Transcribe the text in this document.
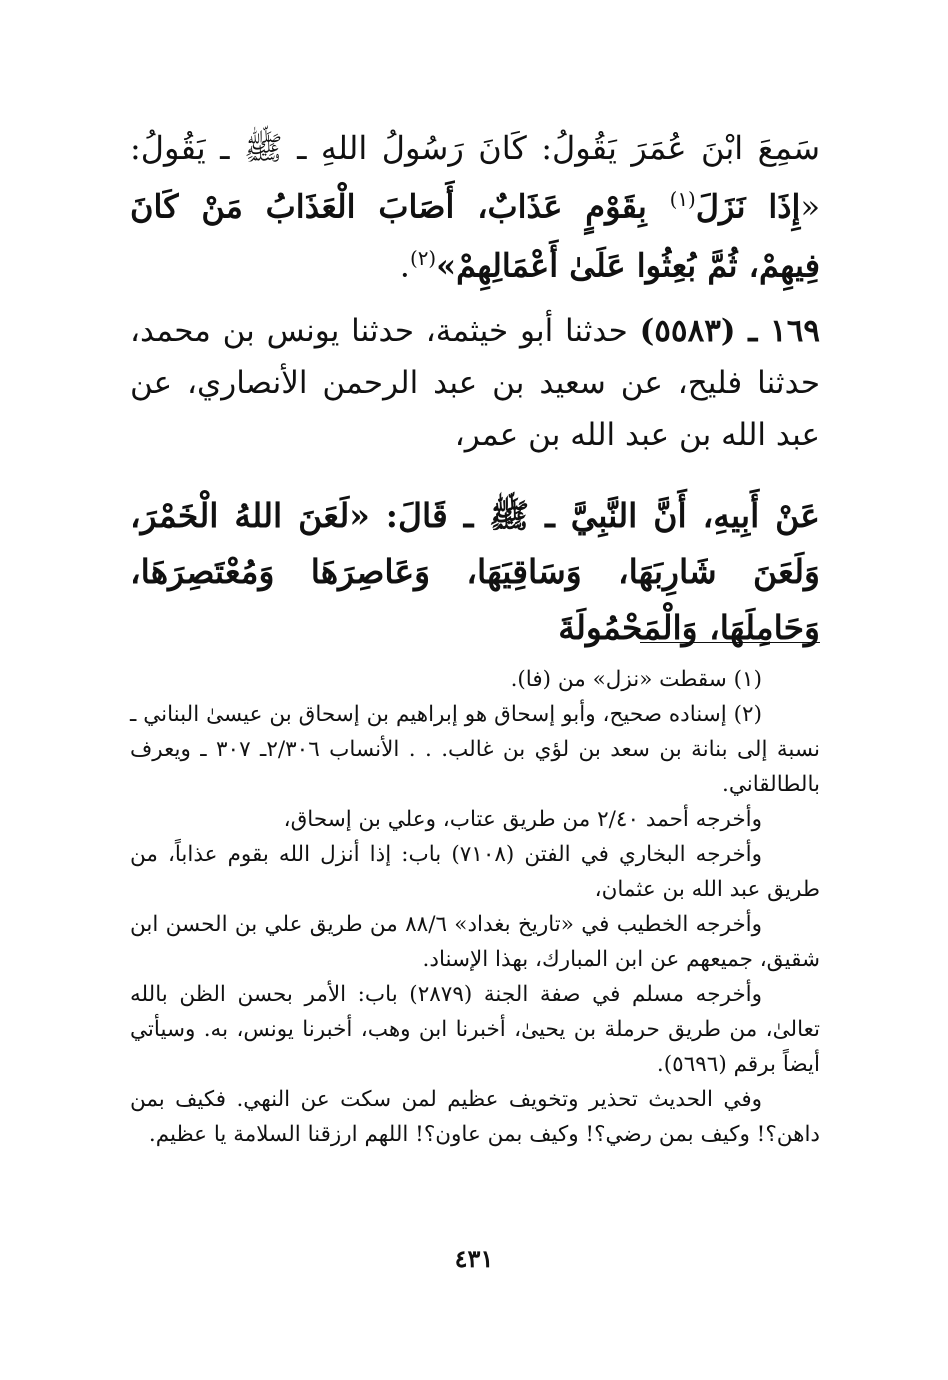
سَمِعَ ابْنَ عُمَرَ يَقُولُ: كَانَ رَسُولُ اللهِ ـ ﷺ ـ يَقُولُ: «إِذَا نَزَلَ$^{(١)}$ بِقَوْمٍ عَذَابٌ، أَصَابَ الْعَذَابُ مَنْ كَانَ فِيهِمْ، ثُمَّ بُعِثُوا عَلَىٰ أَعْمَالِهِمْ»$^{(٢)}$.
١٦٩ ـ (٥٥٨٣) حدثنا أبو خيثمة، حدثنا يونس بن محمد، حدثنا فليح، عن سعيد بن عبد الرحمن الأنصاري، عن عبد الله بن عبد الله بن عمر،
عَنْ أَبِيهِ، أَنَّ النَّبِيَّ ـ ﷺ ـ قَالَ: «لَعَنَ اللهُ الْخَمْرَ، وَلَعَنَ شَارِبَهَا، وَسَاقِيَهَا، وَعَاصِرَهَا وَمُعْتَصِرَهَا، وَحَامِلَهَا، وَالْمَحْمُولَةَ

(١) سقطت «نزل» من (فا).

(٢) إسناده صحيح، وأبو إسحاق هو إبراهيم بن إسحاق بن عيسىٰ البناني ـ نسبة إلى بنانة بن سعد بن لؤي بن غالب. . . الأنساب ٢/٣٠٦ـ ٣٠٧ ـ ويعرف بالطالقاني.

وأخرجه أحمد ٢/٤٠ من طريق عتاب، وعلي بن إسحاق،

وأخرجه البخاري في الفتن (٧١٠٨) باب: إذا أنزل الله بقوم عذاباً، من طريق عبد الله بن عثمان،

وأخرجه الخطيب في «تاريخ بغداد» ٨٨/٦ من طريق علي بن الحسن ابن شقيق، جميعهم عن ابن المبارك، بهذا الإسناد.

وأخرجه مسلم في صفة الجنة (٢٨٧٩) باب: الأمر بحسن الظن بالله تعالىٰ، من طريق حرملة بن يحيىٰ، أخبرنا ابن وهب، أخبرنا يونس، به. وسيأتي أيضاً برقم (٥٦٩٦).

وفي الحديث تحذير وتخويف عظيم لمن سكت عن النهي. فكيف بمن داهن؟! وكيف بمن رضي؟! وكيف بمن عاون؟! اللهم ارزقنا السلامة يا عظيم.

٤٣١
